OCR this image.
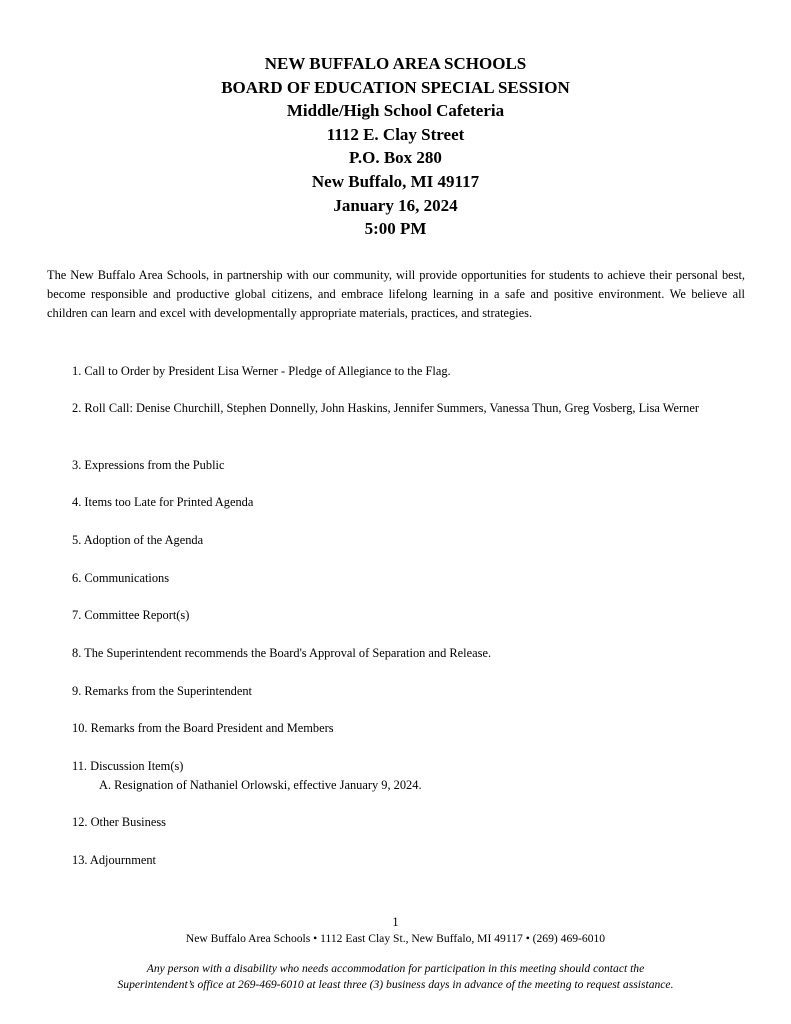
NEW BUFFALO AREA SCHOOLS
BOARD OF EDUCATION SPECIAL SESSION
Middle/High School Cafeteria
1112 E. Clay Street
P.O. Box 280
New Buffalo, MI 49117
January 16, 2024
5:00 PM
The New Buffalo Area Schools, in partnership with our community, will provide opportunities for students to achieve their personal best, become responsible and productive global citizens, and embrace lifelong learning in a safe and positive environment. We believe all children can learn and excel with developmentally appropriate materials, practices, and strategies.
1. Call to Order by President Lisa Werner - Pledge of Allegiance to the Flag.
2. Roll Call: Denise Churchill, Stephen Donnelly, John Haskins, Jennifer Summers, Vanessa Thun, Greg Vosberg, Lisa Werner
3. Expressions from the Public
4. Items too Late for Printed Agenda
5. Adoption of the Agenda
6. Communications
7. Committee Report(s)
8. The Superintendent recommends the Board's Approval of Separation and Release.
9. Remarks from the Superintendent
10. Remarks from the Board President and Members
11. Discussion Item(s)
A. Resignation of Nathaniel Orlowski, effective January 9, 2024.
12. Other Business
13. Adjournment
1
New Buffalo Area Schools • 1112 East Clay St., New Buffalo, MI 49117 • (269) 469-6010
Any person with a disability who needs accommodation for participation in this meeting should contact the
Superintendent’s office at 269-469-6010 at least three (3) business days in advance of the meeting to request assistance.
